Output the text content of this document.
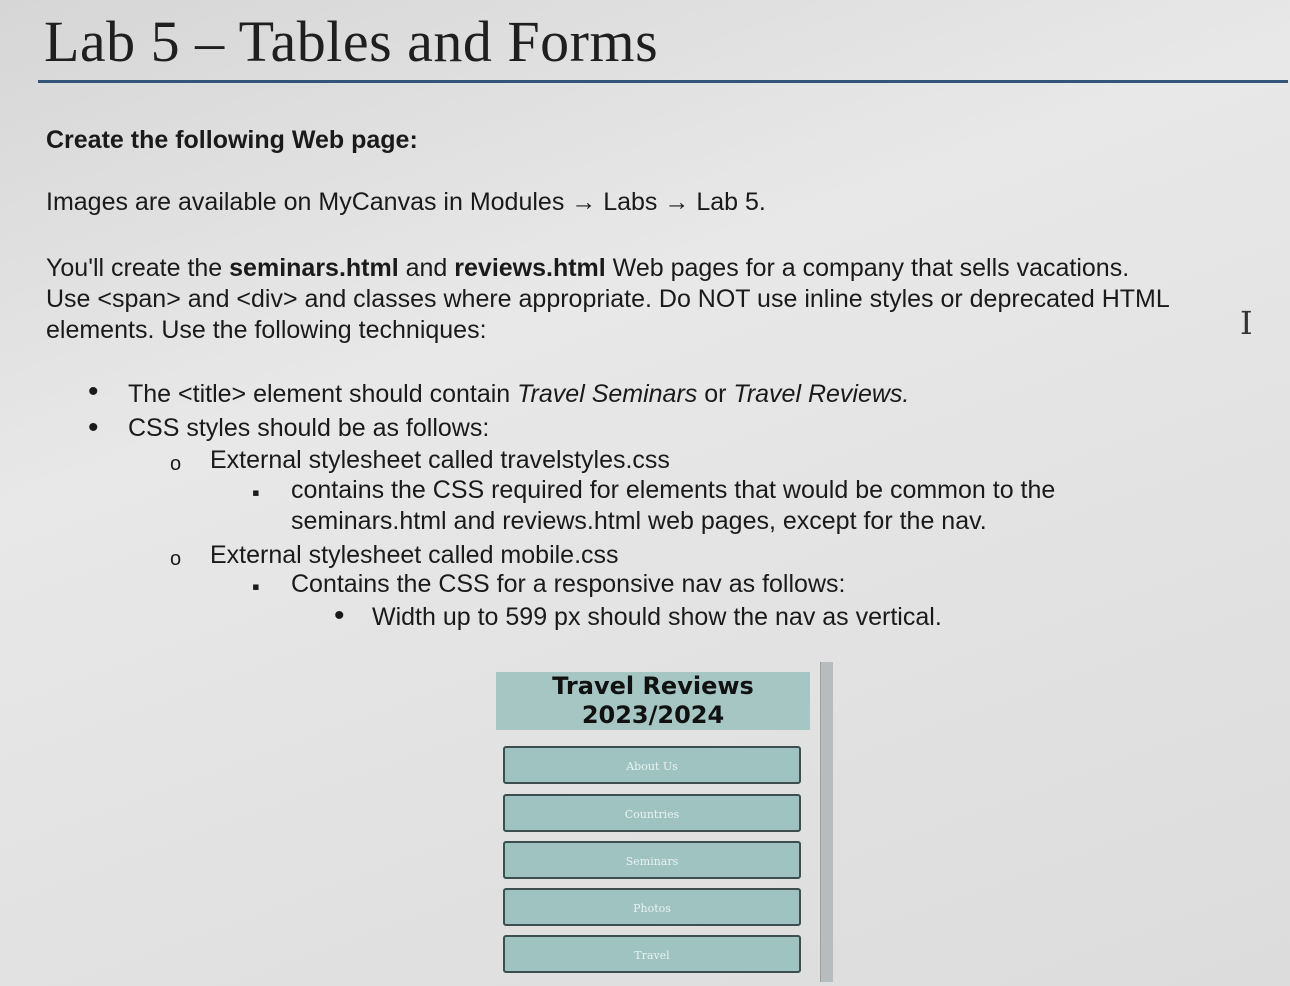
Lab 5 – Tables and Forms
Create the following Web page:
Images are available on MyCanvas in Modules → Labs → Lab 5.
You'll create the seminars.html and reviews.html Web pages for a company that sells vacations.
Use <span> and <div> and classes where appropriate. Do NOT use inline styles or deprecated HTML
elements. Use the following techniques:
•
The <title> element should contain Travel Seminars or Travel Reviews.
•
CSS styles should be as follows:
o
External stylesheet called travelstyles.css
▪
contains the CSS required for elements that would be common to the
seminars.html and reviews.html web pages, except for the nav.
o
External stylesheet called mobile.css
▪
Contains the CSS for a responsive nav as follows:
•
Width up to 599 px should show the nav as vertical.
I
Travel Reviews
2023/2024
About Us
Countries
Seminars
Photos
Travel
